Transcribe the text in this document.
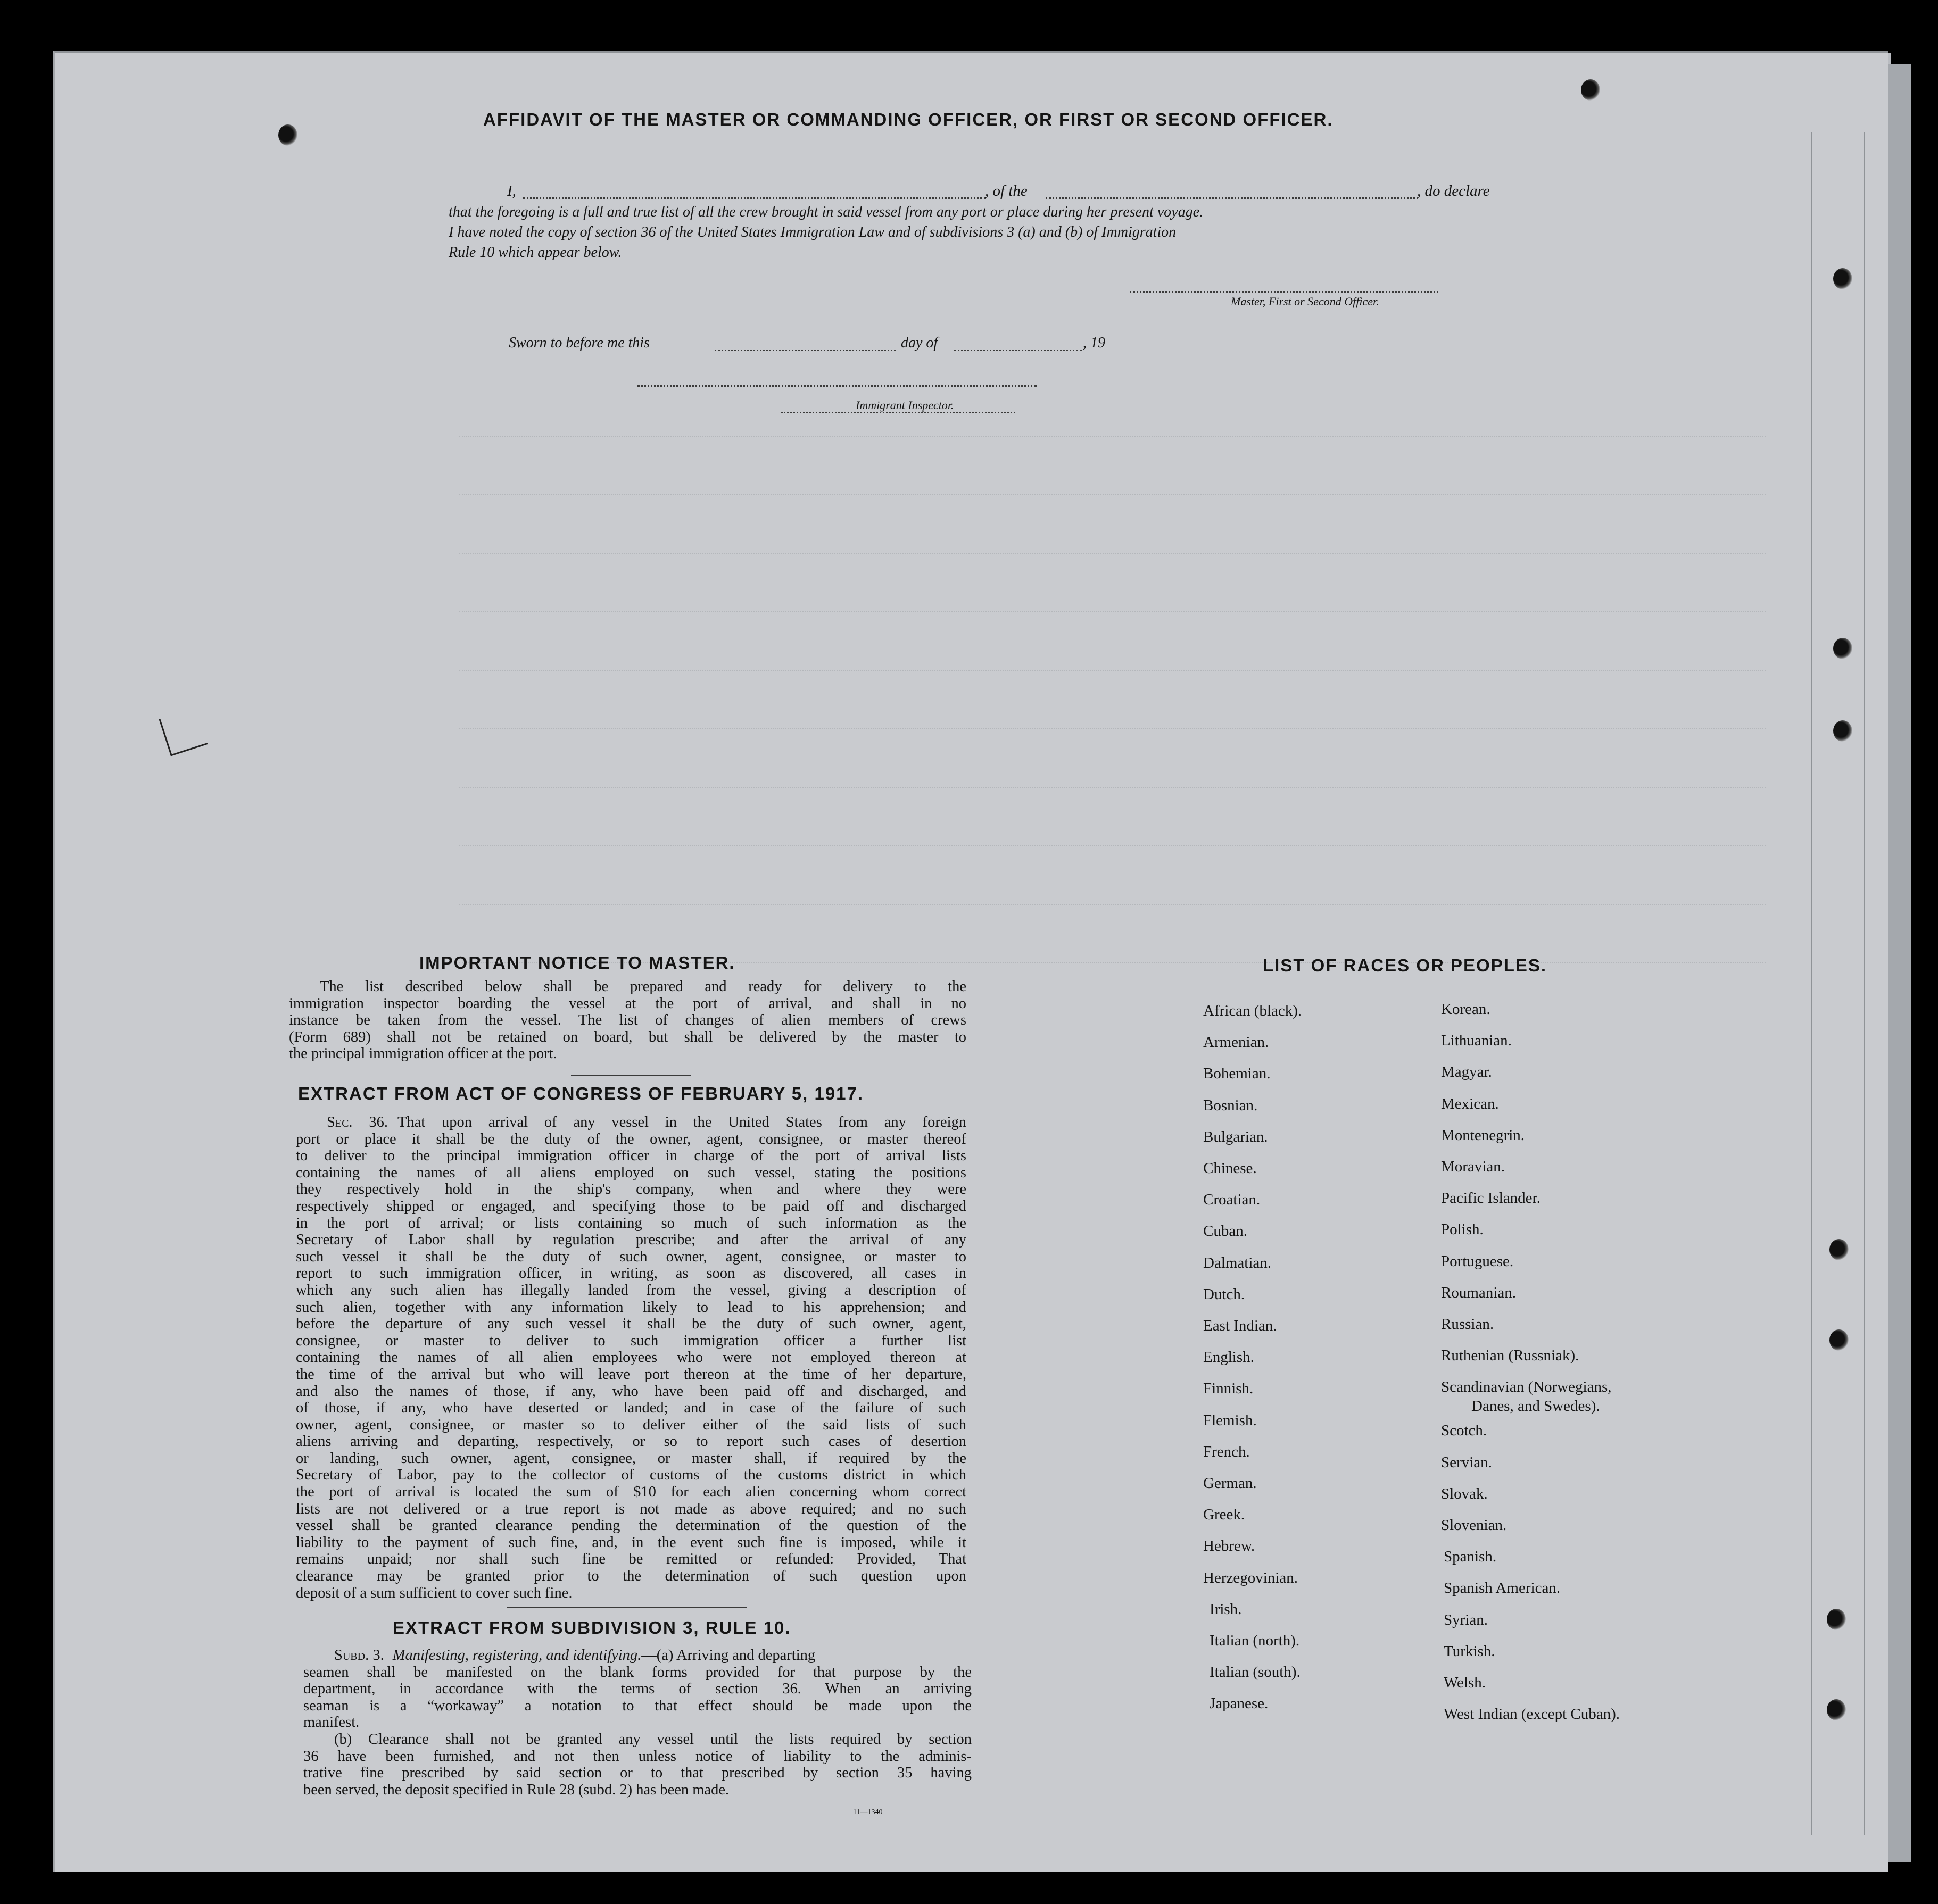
AFFIDAVIT OF THE MASTER OR COMMANDING OFFICER, OR FIRST OR SECOND OFFICER.
I,	, of the	, do declare
that the foregoing is a full and true list of all the crew brought in said vessel from any port or place during her present voyage.
I have noted the copy of section 36 of the United States Immigration Law and of subdivisions 3 (a) and (b) of Immigration
Rule 10 which appear below.
Master, First or Second Officer.
Sworn to before me this	day of	, 19
Immigrant Inspector.
IMPORTANT NOTICE TO MASTER.
The list described below shall be prepared and ready for delivery to the
immigration inspector boarding the vessel at the port of arrival, and shall in no
instance be taken from the vessel. The list of changes of alien members of crews
(Form 689) shall not be retained on board, but shall be delivered by the master to
the principal immigration officer at the port.
EXTRACT FROM ACT OF CONGRESS OF FEBRUARY 5, 1917.
Sec. 36. That upon arrival of any vessel in the United States from any foreign
port or place it shall be the duty of the owner, agent, consignee, or master thereof
to deliver to the principal immigration officer in charge of the port of arrival lists
containing the names of all aliens employed on such vessel, stating the positions
they respectively hold in the ship's company, when and where they were
respectively shipped or engaged, and specifying those to be paid off and discharged
in the port of arrival; or lists containing so much of such information as the
Secretary of Labor shall by regulation prescribe; and after the arrival of any
such vessel it shall be the duty of such owner, agent, consignee, or master to
report to such immigration officer, in writing, as soon as discovered, all cases in
which any such alien has illegally landed from the vessel, giving a description of
such alien, together with any information likely to lead to his apprehension; and
before the departure of any such vessel it shall be the duty of such owner, agent,
consignee, or master to deliver to such immigration officer a further list
containing the names of all alien employees who were not employed thereon at
the time of the arrival but who will leave port thereon at the time of her departure,
and also the names of those, if any, who have been paid off and discharged, and
of those, if any, who have deserted or landed; and in case of the failure of such
owner, agent, consignee, or master so to deliver either of the said lists of such
aliens arriving and departing, respectively, or so to report such cases of desertion
or landing, such owner, agent, consignee, or master shall, if required by the
Secretary of Labor, pay to the collector of customs of the customs district in which
the port of arrival is located the sum of $10 for each alien concerning whom correct
lists are not delivered or a true report is not made as above required; and no such
vessel shall be granted clearance pending the determination of the question of the
liability to the payment of such fine, and, in the event such fine is imposed, while it
remains unpaid; nor shall such fine be remitted or refunded: Provided, That
clearance may be granted prior to the determination of such question upon
deposit of a sum sufficient to cover such fine.
EXTRACT FROM SUBDIVISION 3, RULE 10.
Subd. 3. Manifesting, registering, and identifying.—(a) Arriving and departing
seamen shall be manifested on the blank forms provided for that purpose by the
department, in accordance with the terms of section 36. When an arriving
seaman is a “workaway” a notation to that effect should be made upon the
manifest.
(b) Clearance shall not be granted any vessel until the lists required by section
36 have been furnished, and not then unless notice of liability to the adminis-
trative fine prescribed by said section or to that prescribed by section 35 having
been served, the deposit specified in Rule 28 (subd. 2) has been made.
11—1340
LIST OF RACES OR PEOPLES.
African (black).
Armenian.
Bohemian.
Bosnian.
Bulgarian.
Chinese.
Croatian.
Cuban.
Dalmatian.
Dutch.
East Indian.
English.
Finnish.
Flemish.
French.
German.
Greek.
Hebrew.
Herzegovinian.
Irish.
Italian (north).
Italian (south).
Japanese.
Korean.
Lithuanian.
Magyar.
Mexican.
Montenegrin.
Moravian.
Pacific Islander.
Polish.
Portuguese.
Roumanian.
Russian.
Ruthenian (Russniak).
Scandinavian (Norwegians,
Danes, and Swedes).
Scotch.
Servian.
Slovak.
Slovenian.
Spanish.
Spanish American.
Syrian.
Turkish.
Welsh.
West Indian (except Cuban).
